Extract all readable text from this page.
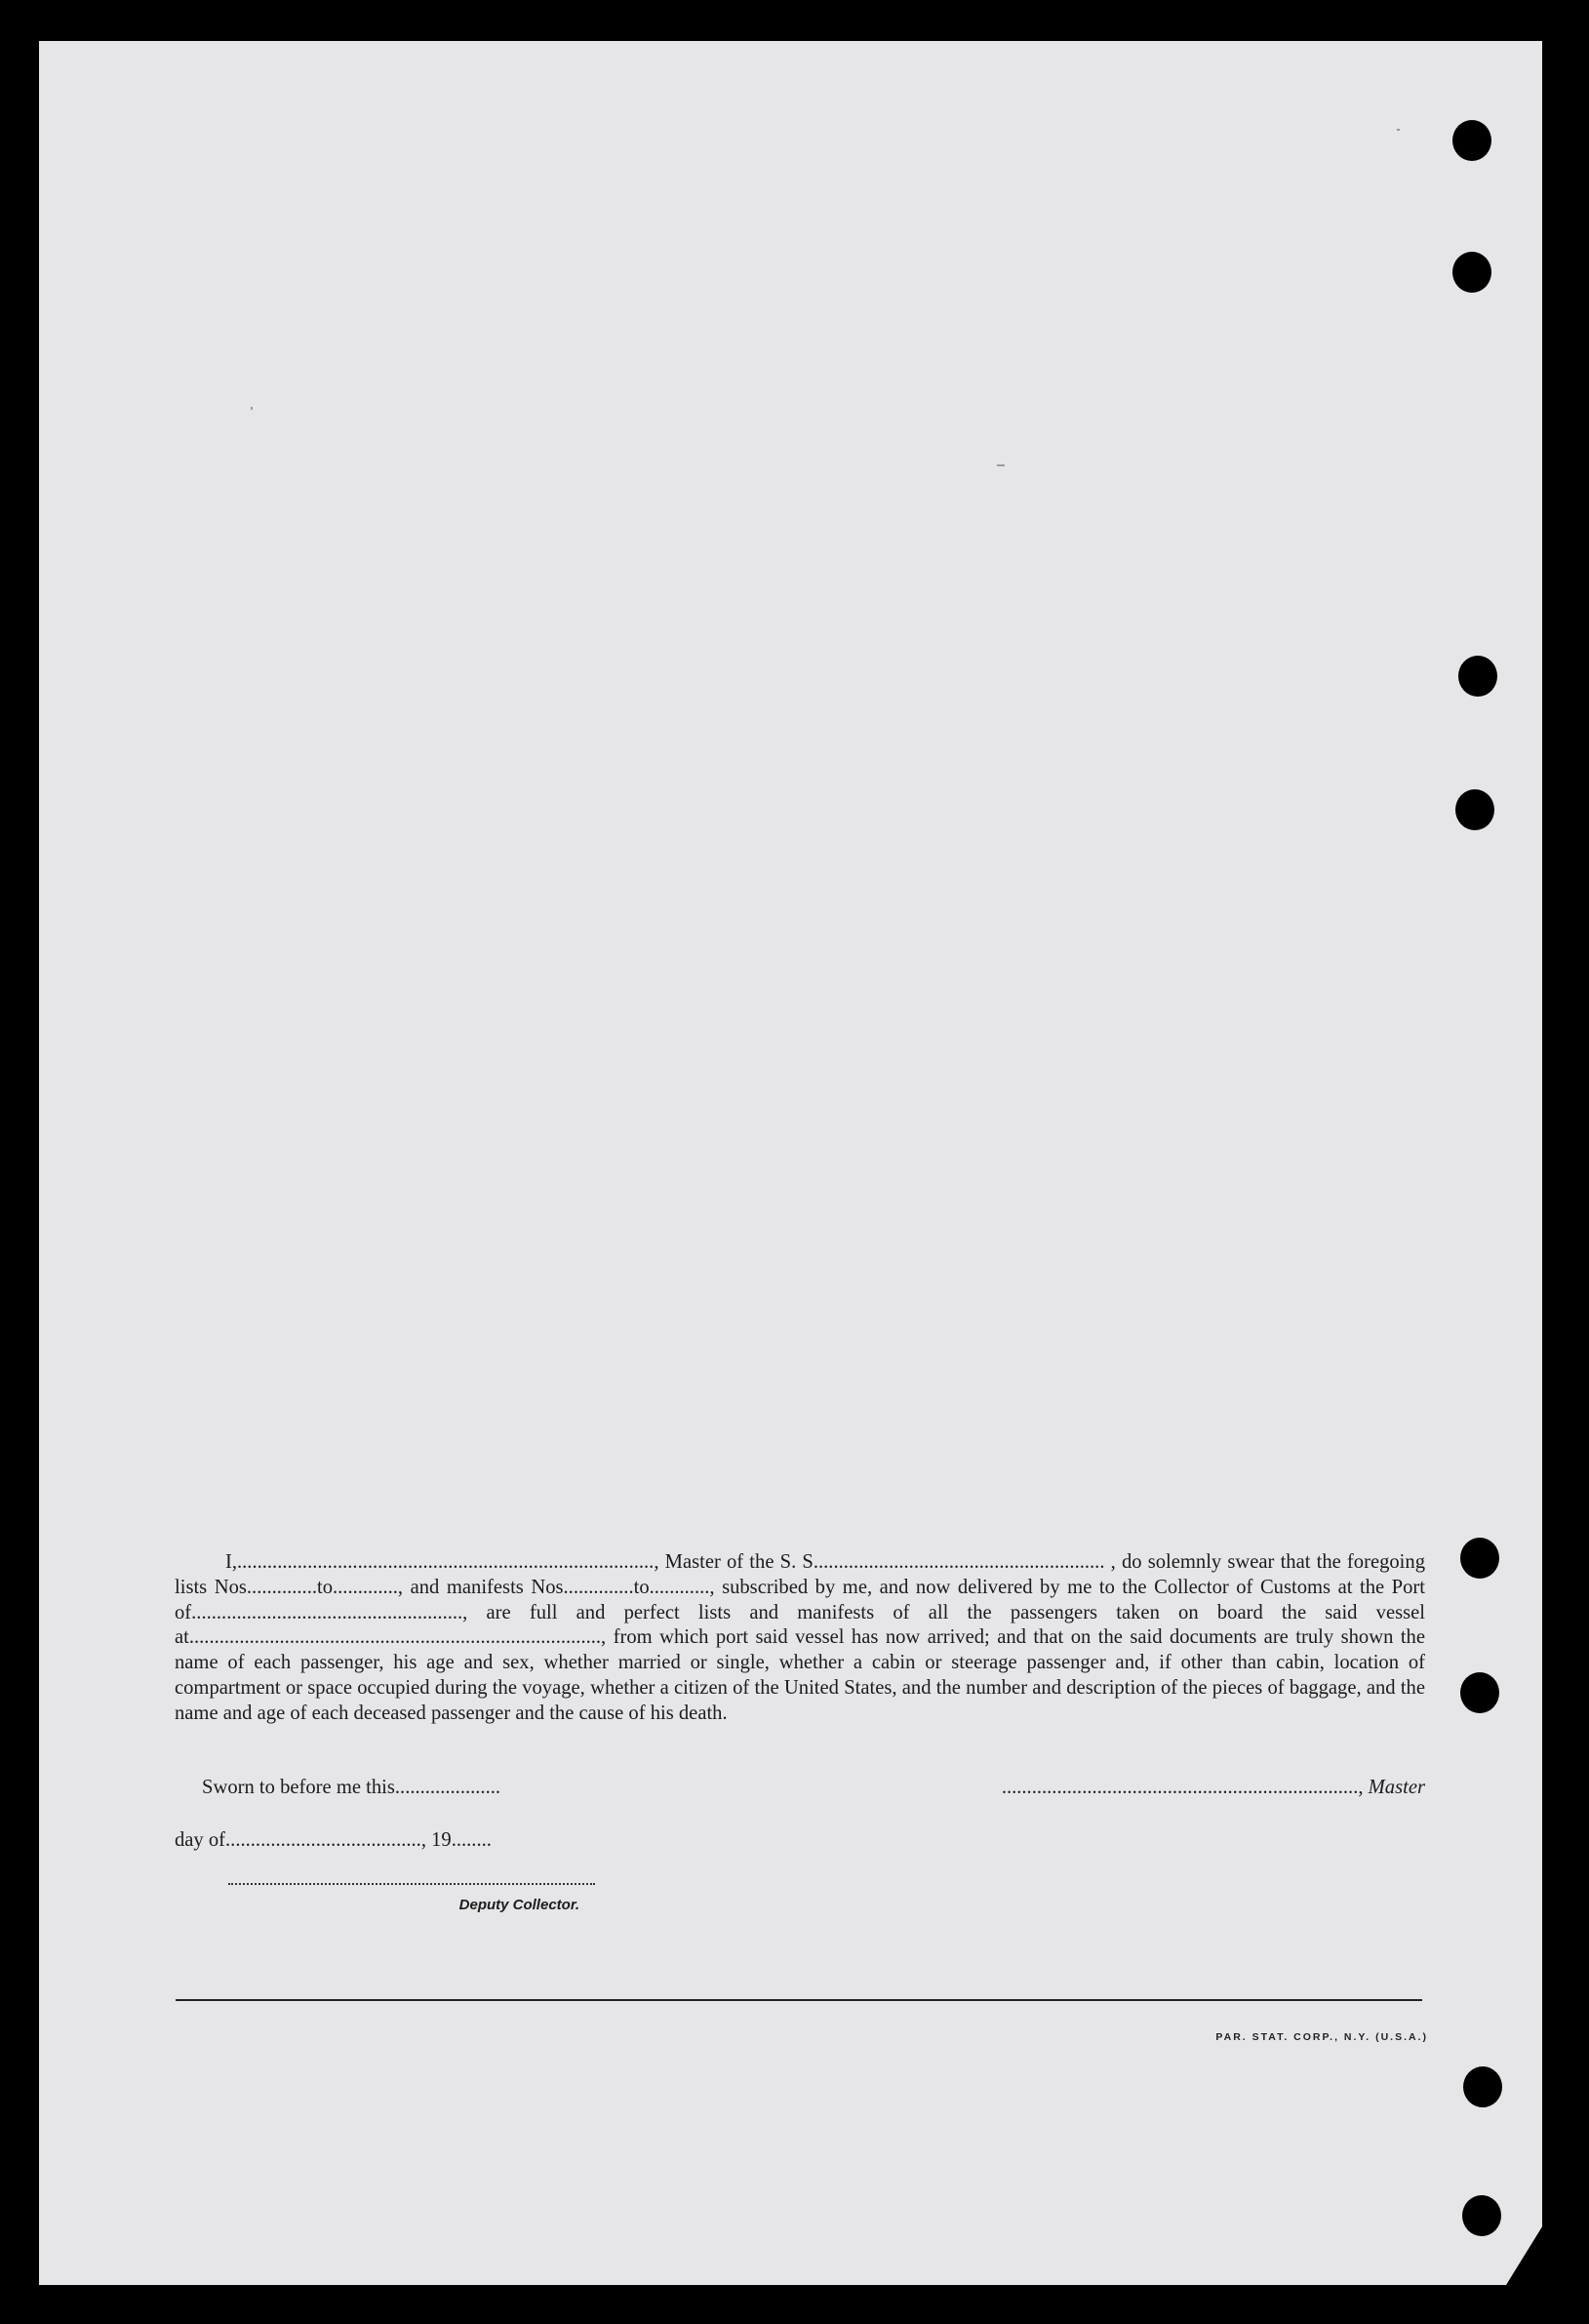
I,..................................................................................., Master of the S. S.......................................................... , do solemnly swear that the foregoing lists Nos..............to............., and manifests Nos..............to............, subscribed by me, and now delivered by me to the Collector of Customs at the Port of......................................................, are full and perfect lists and manifests of all the passengers taken on board the said vessel at.................................................................................., from which port said vessel has now arrived; and that on the said documents are truly shown the name of each passenger, his age and sex, whether married or single, whether a cabin or steerage passenger and, if other than cabin, location of compartment or space occupied during the voyage, whether a citizen of the United States, and the number and description of the pieces of baggage, and the name and age of each deceased passenger and the cause of his death.

Sworn to before me this.....................	......................................................................., Master

day of......................................., 19........

Deputy Collector.

PAR. STAT. CORP., N.Y. (U.S.A.)
